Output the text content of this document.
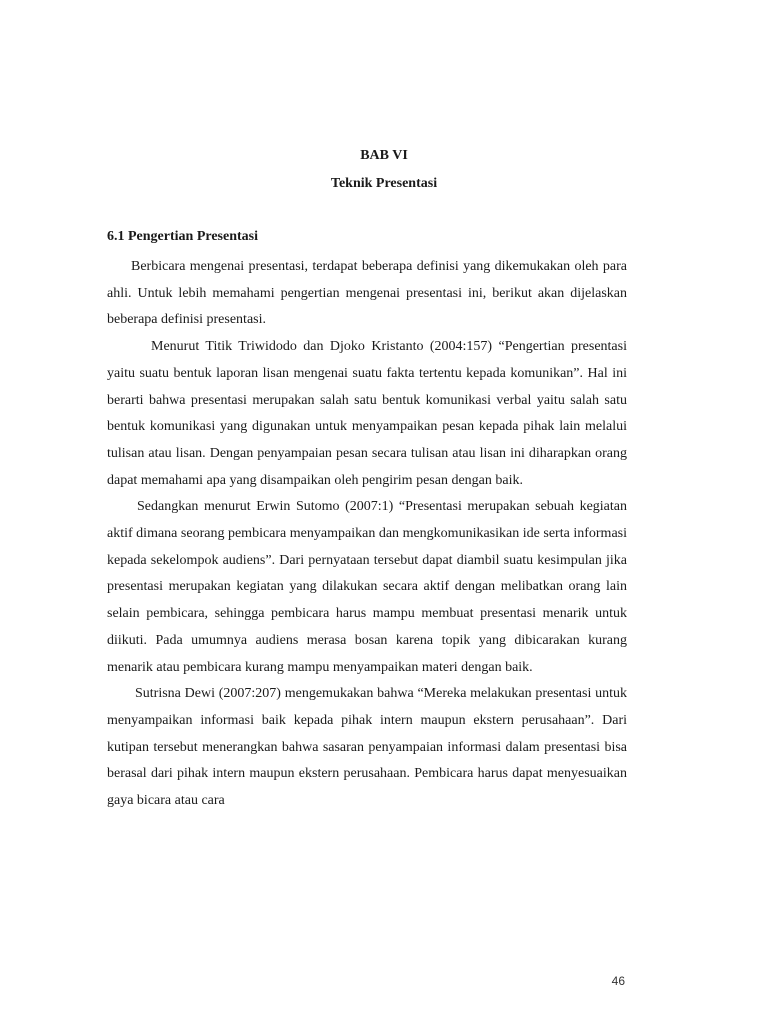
BAB VI
Teknik Presentasi
6.1 Pengertian Presentasi

Berbicara mengenai presentasi, terdapat beberapa definisi yang dikemukakan oleh para ahli. Untuk lebih memahami pengertian mengenai presentasi ini, berikut akan dijelaskan beberapa definisi presentasi.

Menurut Titik Triwidodo dan Djoko Kristanto (2004:157) “Pengertian presentasi yaitu suatu bentuk laporan lisan mengenai suatu fakta tertentu kepada komunikan”. Hal ini berarti bahwa presentasi merupakan salah satu bentuk komunikasi verbal yaitu salah satu bentuk komunikasi yang digunakan untuk menyampaikan pesan kepada pihak lain melalui tulisan atau lisan. Dengan penyampaian pesan secara tulisan atau lisan ini diharapkan orang dapat memahami apa yang disampaikan oleh pengirim pesan dengan baik.

Sedangkan menurut Erwin Sutomo (2007:1) “Presentasi merupakan sebuah kegiatan aktif dimana seorang pembicara menyampaikan dan mengkomunikasikan ide serta informasi kepada sekelompok audiens”. Dari pernyataan tersebut dapat diambil suatu kesimpulan jika presentasi merupakan kegiatan yang dilakukan secara aktif dengan melibatkan orang lain selain pembicara, sehingga pembicara harus mampu membuat presentasi menarik untuk diikuti. Pada umumnya audiens merasa bosan karena topik yang dibicarakan kurang menarik atau pembicara kurang mampu menyampaikan materi dengan baik.

Sutrisna Dewi (2007:207) mengemukakan bahwa “Mereka melakukan presentasi untuk menyampaikan informasi baik kepada pihak intern maupun ekstern perusahaan”. Dari kutipan tersebut menerangkan bahwa sasaran penyampaian informasi dalam presentasi bisa berasal dari pihak intern maupun ekstern perusahaan. Pembicara harus dapat menyesuaikan gaya bicara atau cara

46
